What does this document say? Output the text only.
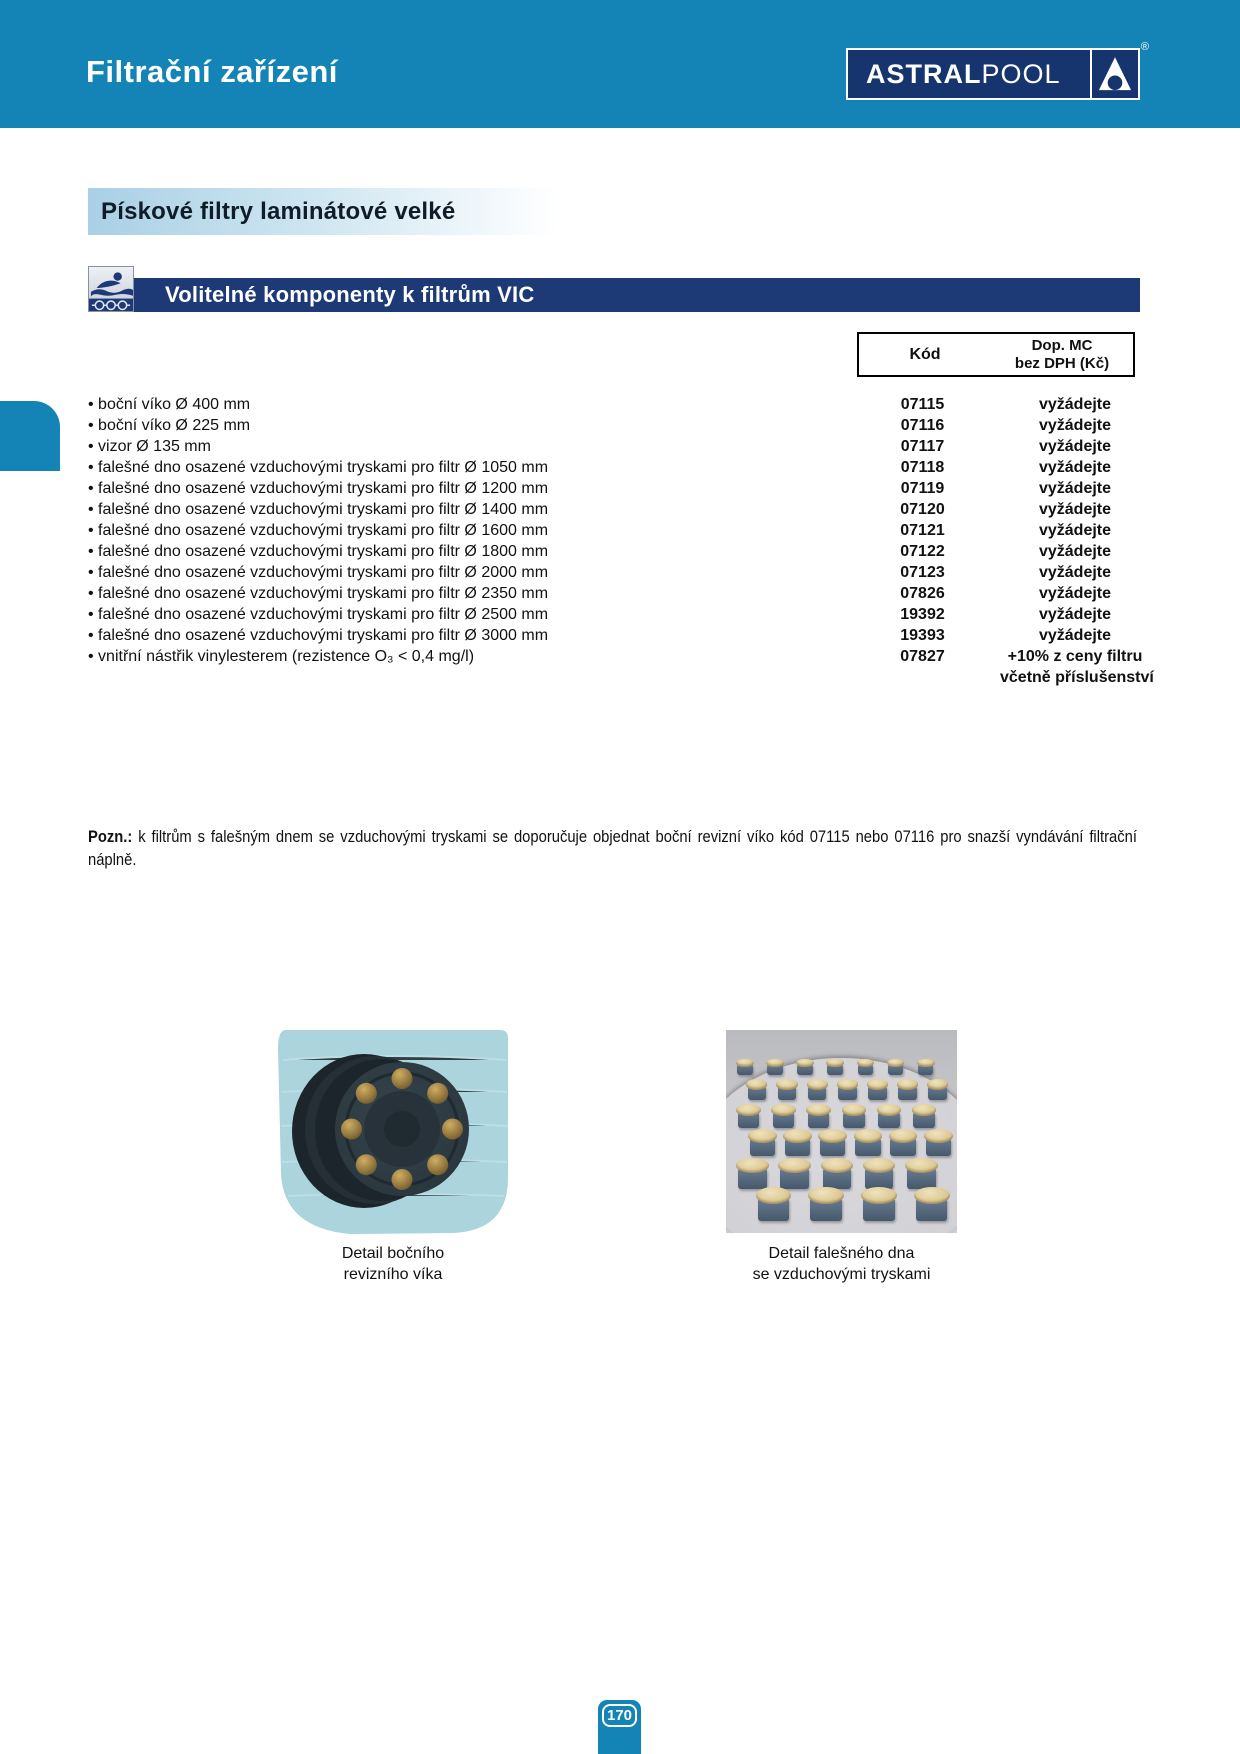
Filtrační zařízení	ASTRALPOOL
®
Pískové filtry laminátové velké
Volitelné komponenty k filtrům VIC
Kód
Dop. MC
bez DPH (Kč)
• boční víko Ø 400 mm	07115	vyžádejte
• boční víko Ø 225 mm	07116	vyžádejte
• vizor Ø 135 mm	07117	vyžádejte
• falešné dno osazené vzduchovými tryskami pro filtr Ø 1050 mm	07118	vyžádejte
• falešné dno osazené vzduchovými tryskami pro filtr Ø 1200 mm	07119	vyžádejte
• falešné dno osazené vzduchovými tryskami pro filtr Ø 1400 mm	07120	vyžádejte
• falešné dno osazené vzduchovými tryskami pro filtr Ø 1600 mm	07121	vyžádejte
• falešné dno osazené vzduchovými tryskami pro filtr Ø 1800 mm	07122	vyžádejte
• falešné dno osazené vzduchovými tryskami pro filtr Ø 2000 mm	07123	vyžádejte
• falešné dno osazené vzduchovými tryskami pro filtr Ø 2350 mm	07826	vyžádejte
• falešné dno osazené vzduchovými tryskami pro filtr Ø 2500 mm	19392	vyžádejte
• falešné dno osazené vzduchovými tryskami pro filtr Ø 3000 mm	19393	vyžádejte
• vnitřní nástřik vinylesterem (rezistence O₃ < 0,4 mg/l)	07827	+10% z ceny filtru
včetně příslušenství

Pozn.: k filtrům s falešným dnem se vzduchovými tryskami se doporučuje objednat boční revizní víko kód 07115 nebo 07116 pro snazší vyndávání filtrační náplně.

Detail bočního
revizního víka
Detail falešného dna
se vzduchovými tryskami
170
